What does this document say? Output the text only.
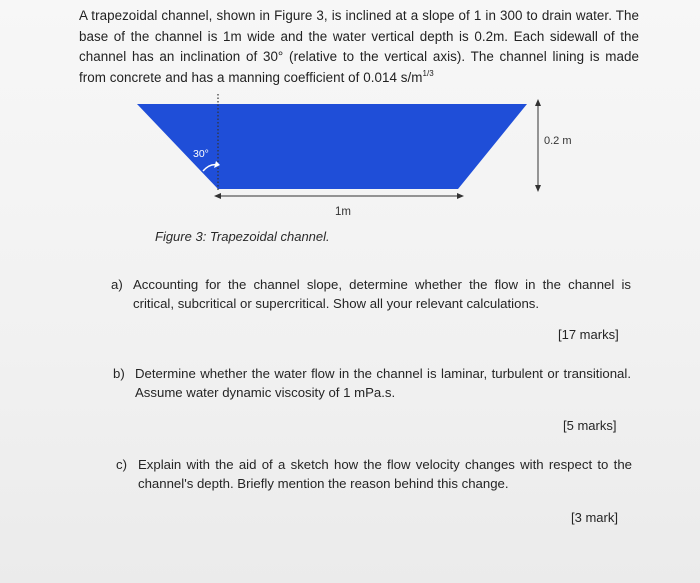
A trapezoidal channel, shown in Figure 3, is inclined at a slope of 1 in 300 to drain water. The base of the channel is 1m wide and the water vertical depth is 0.2m. Each sidewall of the channel has an inclination of 30° (relative to the vertical axis). The channel lining is made from concrete and has a manning coefficient of 0.014 $s/m^{1/3}$
30°
0.2 m
1m
Figure 3: Trapezoidal channel.
a) Accounting for the channel slope, determine whether the flow in the channel is critical, subcritical or supercritical. Show all your relevant calculations.
[17 marks]
b) Determine whether the water flow in the channel is laminar, turbulent or transitional. Assume water dynamic viscosity of 1 mPa.s.
[5 marks]
c) Explain with the aid of a sketch how the flow velocity changes with respect to the channel's depth. Briefly mention the reason behind this change.
[3 mark]
